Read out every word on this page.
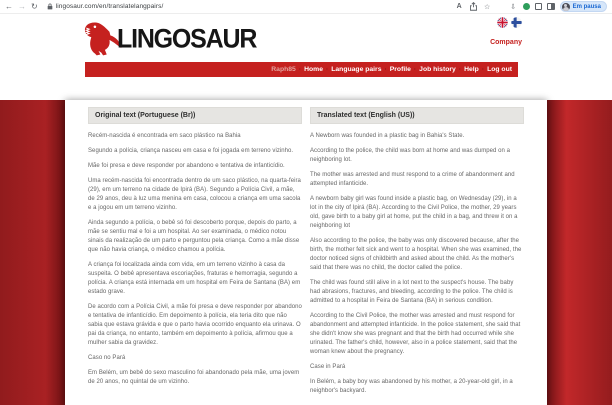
← → ↻	lingosaur.com/en/translatelangpairs/	A	☆	⇩	Em pausa
Company
LINGOSAUR
Raph85	· Home	· Language pairs	· Profile	· Job history	· Help	· Log out
Original text (Portuguese (Br))

Recém-nascida é encontrada em saco plástico na Bahia

Segundo a polícia, criança nasceu em casa e foi jogada em terreno vizinho.

Mãe foi presa e deve responder por abandono e tentativa de infanticídio.

Uma recém-nascida foi encontrada dentro de um saco plástico, na quarta-feira (29), em um terreno na cidade de Ipirá (BA). Segundo a Polícia Civil, a mãe, de 29 anos, deu à luz uma menina em casa, colocou a criança em uma sacola e a jogou em um terreno vizinho.

Ainda segundo a polícia, o bebê só foi descoberto porque, depois do parto, a mãe se sentiu mal e foi a um hospital. Ao ser examinada, o médico notou sinais da realização de um parto e perguntou pela criança. Como a mãe disse que não havia criança, o médico chamou a polícia.

A criança foi localizada ainda com vida, em um terreno vizinho à casa da suspeita. O bebê apresentava escoriações, fraturas e hemorragia, segundo a polícia. A criança está internada em um hospital em Feira de Santana (BA) em estado grave.

De acordo com a Polícia Civil, a mãe foi presa e deve responder por abandono e tentativa de infanticídio. Em depoimento à polícia, ela teria dito que não sabia que estava grávida e que o parto havia ocorrido enquanto ela urinava. O pai da criança, no entanto, também em depoimento à polícia, afirmou que a mulher sabia da gravidez.

Caso no Pará

Em Belém, um bebê do sexo masculino foi abandonado pela mãe, uma jovem de 20 anos, no quintal de um vizinho.

Translated text (English (US))

A Newborn was founded in a plastic bag in Bahia's State.

According to the police, the child was born at home and was dumped on a neighboring lot.

The mother was arrested and must respond to a crime of abandonment and attempted infanticide.

A newborn baby girl was found inside a plastic bag, on Wednesday (29), in a lot in the city of Ipirá (BA). According to the Civil Police, the mother, 29 years old, gave birth to a baby girl at home, put the child in a bag, and threw it on a neighboring lot

Also according to the police, the baby was only discovered because, after the birth, the mother felt sick and went to a hospital. When she was examined, the doctor noticed signs of childbirth and asked about the child. As the mother's said that there was no child, the doctor called the police.

The child was found still alive in a lot next to the suspect's house. The baby had abrasions, fractures, and bleeding, according to the police. The child is admitted to a hospital in Feira de Santana (BA) in serious condition.

According to the Civil Police, the mother was arrested and must respond for abandonment and attempted infanticide. In the police statement, she said that she didn't know she was pregnant and that the birth had occurred while she urinated. The father's child, however, also in a police statement, said that the woman knew about the pregnancy.

Case in Pará

In Belém, a baby boy was abandoned by his mother, a 20-year-old girl, in a neighbor's backyard.
